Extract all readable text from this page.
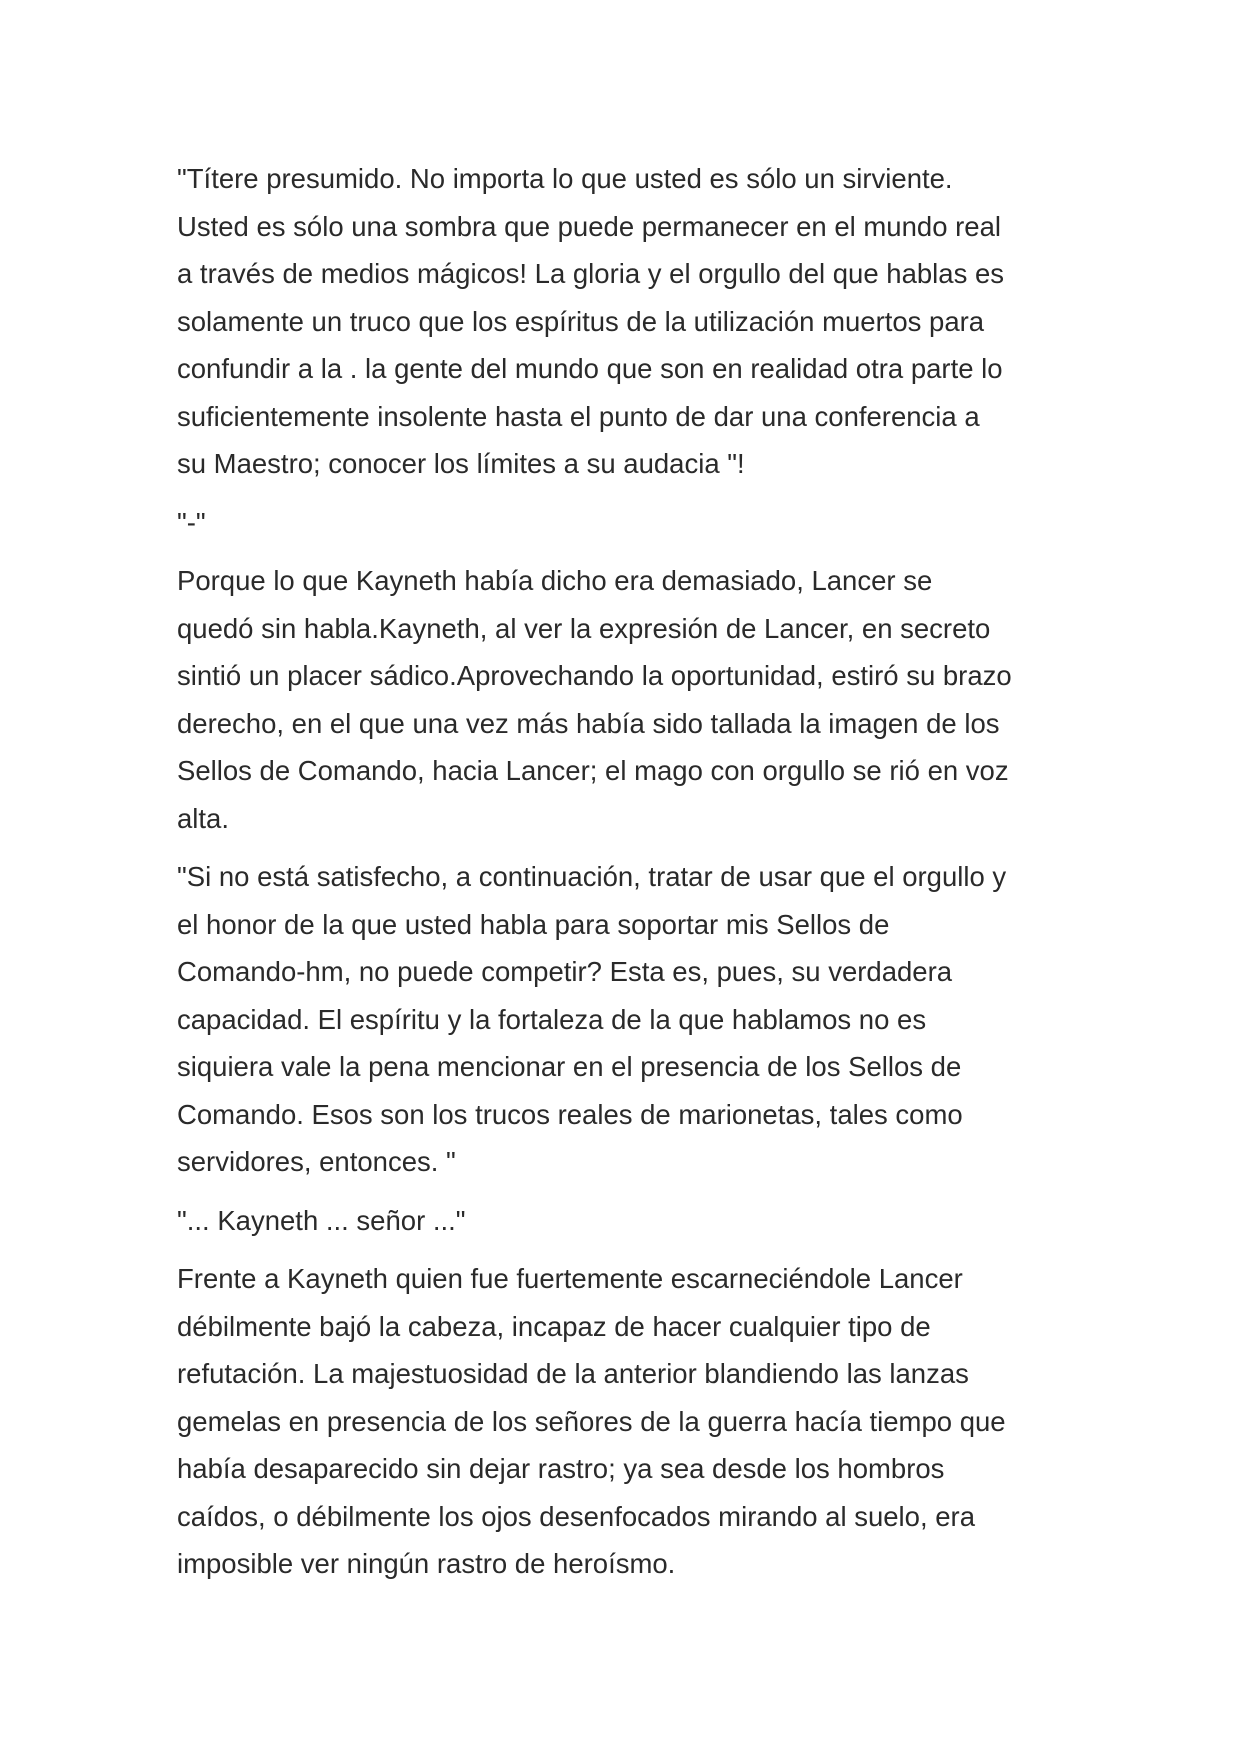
"Títere presumido. No importa lo que usted es sólo un sirviente.
Usted es sólo una sombra que puede permanecer en el mundo real
a través de medios mágicos! La gloria y el orgullo del que hablas es
solamente un truco que los espíritus de la utilización muertos para
confundir a la . la gente del mundo que son en realidad otra parte lo
suficientemente insolente hasta el punto de dar una conferencia a
su Maestro; conocer los límites a su audacia "!

"-"

Porque lo que Kayneth había dicho era demasiado, Lancer se
quedó sin habla.Kayneth, al ver la expresión de Lancer, en secreto
sintió un placer sádico.Aprovechando la oportunidad, estiró su brazo
derecho, en el que una vez más había sido tallada la imagen de los
Sellos de Comando, hacia Lancer; el mago con orgullo se rió en voz
alta.

"Si no está satisfecho, a continuación, tratar de usar que el orgullo y
el honor de la que usted habla para soportar mis Sellos de
Comando-hm, no puede competir? Esta es, pues, su verdadera
capacidad. El espíritu y la fortaleza de la que hablamos no es
siquiera vale la pena mencionar en el presencia de los Sellos de
Comando. Esos son los trucos reales de marionetas, tales como
servidores, entonces. "

"... Kayneth ... señor ..."

Frente a Kayneth quien fue fuertemente escarneciéndole Lancer
débilmente bajó la cabeza, incapaz de hacer cualquier tipo de
refutación. La majestuosidad de la anterior blandiendo las lanzas
gemelas en presencia de los señores de la guerra hacía tiempo que
había desaparecido sin dejar rastro; ya sea desde los hombros
caídos, o débilmente los ojos desenfocados mirando al suelo, era
imposible ver ningún rastro de heroísmo.
